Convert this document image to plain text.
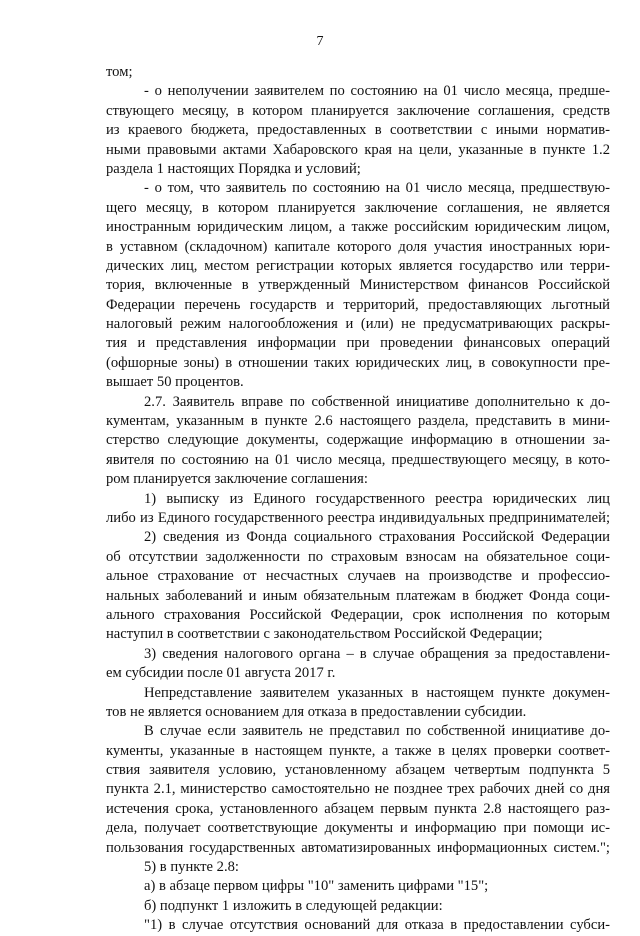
7
том;
- о неполучении заявителем по состоянию на 01 число месяца, предше-
ствующего месяцу, в котором планируется заключение соглашения, средств
из краевого бюджета, предоставленных в соответствии с иными норматив-
ными правовыми актами Хабаровского края на цели, указанные в пункте 1.2
раздела 1 настоящих Порядка и условий;
- о том, что заявитель по состоянию на 01 число месяца, предшествую-
щего месяцу, в котором планируется заключение соглашения, не является
иностранным юридическим лицом, а также российским юридическим лицом,
в уставном (складочном) капитале которого доля участия иностранных юри-
дических лиц, местом регистрации которых является государство или терри-
тория, включенные в утвержденный Министерством финансов Российской
Федерации перечень государств и территорий, предоставляющих льготный
налоговый режим налогообложения и (или) не предусматривающих раскры-
тия и представления информации при проведении финансовых операций
(офшорные зоны) в отношении таких юридических лиц, в совокупности пре-
вышает 50 процентов.
2.7. Заявитель вправе по собственной инициативе дополнительно к до-
кументам, указанным в пункте 2.6 настоящего раздела, представить в мини-
стерство следующие документы, содержащие информацию в отношении за-
явителя по состоянию на 01 число месяца, предшествующего месяцу, в кото-
ром планируется заключение соглашения:
1) выписку из Единого государственного реестра юридических лиц
либо из Единого государственного реестра индивидуальных предпринимателей;
2) сведения из Фонда социального страхования Российской Федерации
об отсутствии задолженности по страховым взносам на обязательное соци-
альное страхование от несчастных случаев на производстве и профессио-
нальных заболеваний и иным обязательным платежам в бюджет Фонда соци-
ального страхования Российской Федерации, срок исполнения по которым
наступил в соответствии с законодательством Российской Федерации;
3) сведения налогового органа – в случае обращения за предоставлени-
ем субсидии после 01 августа 2017 г.
Непредставление заявителем указанных в настоящем пункте докумен-
тов не является основанием для отказа в предоставлении субсидии.
В случае если заявитель не представил по собственной инициативе до-
кументы, указанные в настоящем пункте, а также в целях проверки соответ-
ствия заявителя условию, установленному абзацем четвертым подпункта 5
пункта 2.1, министерство самостоятельно не позднее трех рабочих дней со дня
истечения срока, установленного абзацем первым пункта 2.8 настоящего раз-
дела, получает соответствующие документы и информацию при помощи ис-
пользования государственных автоматизированных информационных систем.";
5) в пункте 2.8:
а) в абзаце первом цифры "10" заменить цифрами "15";
б) подпункт 1 изложить в следующей редакции:
"1) в случае отсутствия оснований для отказа в предоставлении субси-
